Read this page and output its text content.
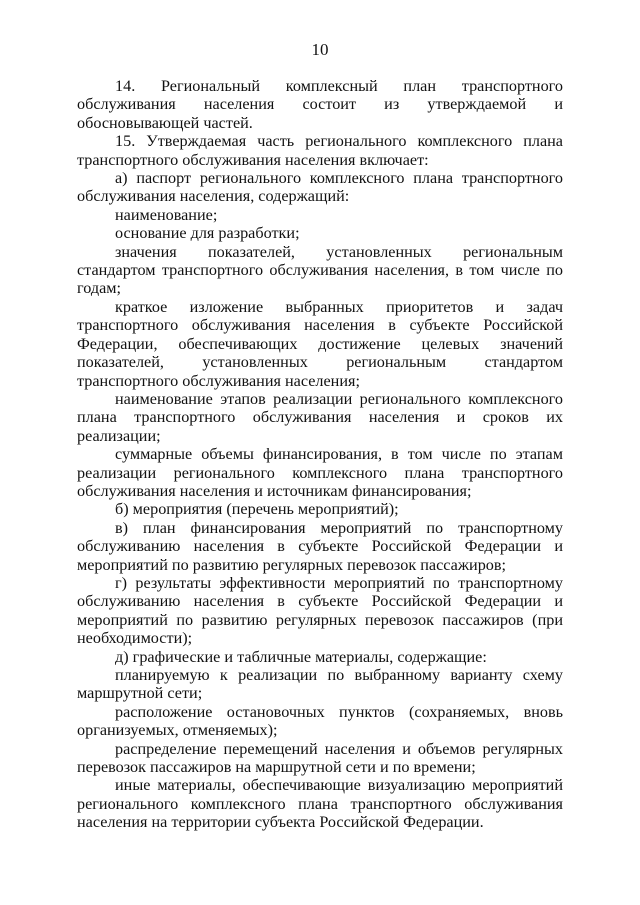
10

14. Региональный комплексный план транспортного обслуживания населения состоит из утверждаемой и обосновывающей частей.

15. Утверждаемая часть регионального комплексного плана транспортного обслуживания населения включает:

а) паспорт регионального комплексного плана транспортного обслуживания населения, содержащий:

наименование;

основание для разработки;

значения показателей, установленных региональным стандартом транспортного обслуживания населения, в том числе по годам;

краткое изложение выбранных приоритетов и задач транспортного обслуживания населения в субъекте Российской Федерации, обеспечивающих достижение целевых значений показателей, установленных региональным стандартом транспортного обслуживания населения;

наименование этапов реализации регионального комплексного плана транспортного обслуживания населения и сроков их реализации;

суммарные объемы финансирования, в том числе по этапам реализации регионального комплексного плана транспортного обслуживания населения и источникам финансирования;

б) мероприятия (перечень мероприятий);

в) план финансирования мероприятий по транспортному обслуживанию населения в субъекте Российской Федерации и мероприятий по развитию регулярных перевозок пассажиров;

г) результаты эффективности мероприятий по транспортному обслуживанию населения в субъекте Российской Федерации и мероприятий по развитию регулярных перевозок пассажиров (при необходимости);

д) графические и табличные материалы, содержащие:

планируемую к реализации по выбранному варианту схему маршрутной сети;

расположение остановочных пунктов (сохраняемых, вновь организуемых, отменяемых);

распределение перемещений населения и объемов регулярных перевозок пассажиров на маршрутной сети и по времени;

иные материалы, обеспечивающие визуализацию мероприятий регионального комплексного плана транспортного обслуживания населения на территории субъекта Российской Федерации.
